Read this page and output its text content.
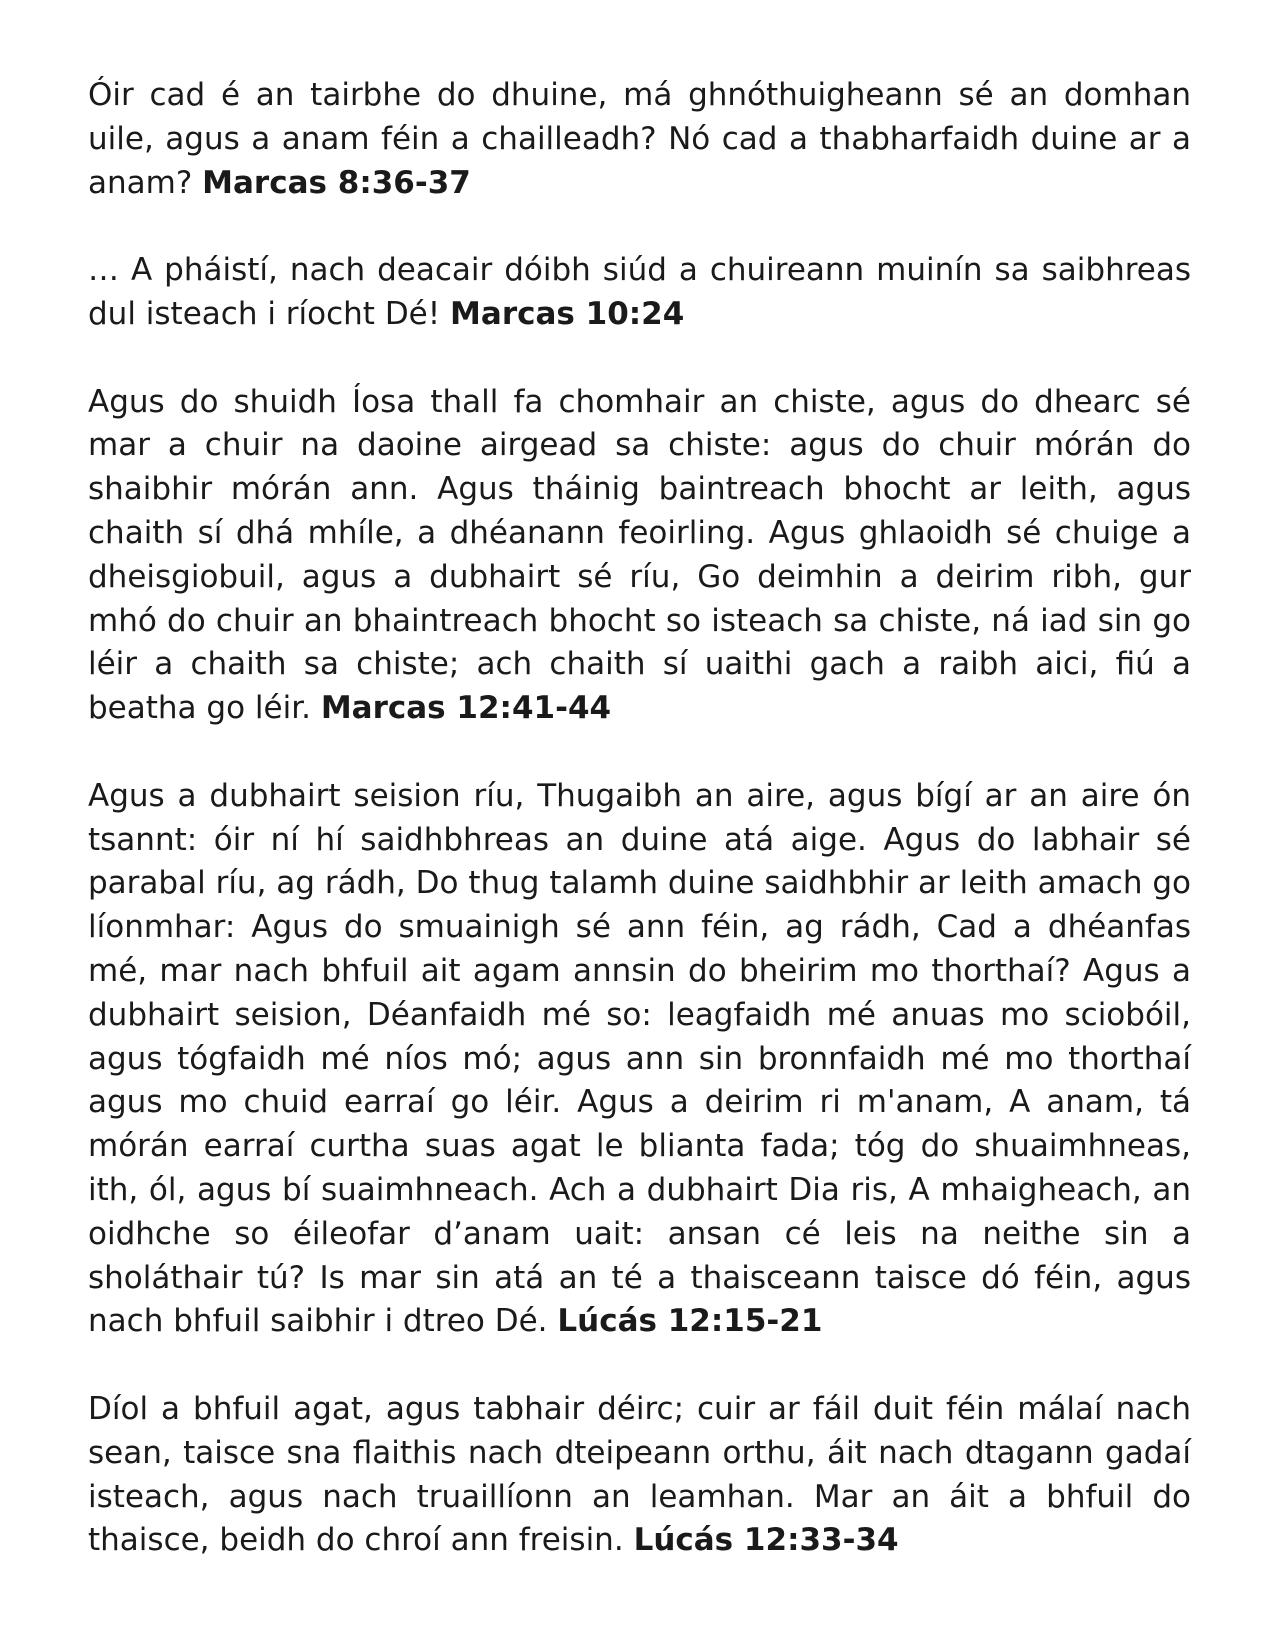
Óir cad é an tairbhe do dhuine, má ghnóthuigheann sé an domhan uile, agus a anam féin a chailleadh? Nó cad a thabharfaidh duine ar a anam? Marcas 8:36-37

… A pháistí, nach deacair dóibh siúd a chuireann muinín sa saibhreas dul isteach i ríocht Dé! Marcas 10:24

Agus do shuidh Íosa thall fa chomhair an chiste, agus do dhearc sé mar a chuir na daoine airgead sa chiste: agus do chuir mórán do shaibhir mórán ann. Agus tháinig baintreach bhocht ar leith, agus chaith sí dhá mhíle, a dhéanann feoirling. Agus ghlaoidh sé chuige a dheisgiobuil, agus a dubhairt sé ríu, Go deimhin a deirim ribh, gur mhó do chuir an bhaintreach bhocht so isteach sa chiste, ná iad sin go léir a chaith sa chiste; ach chaith sí uaithi gach a raibh aici, fiú a beatha go léir. Marcas 12:41-44

Agus a dubhairt seision ríu, Thugaibh an aire, agus bígí ar an aire ón tsannt: óir ní hí saidhbhreas an duine atá aige. Agus do labhair sé parabal ríu, ag rádh, Do thug talamh duine saidhbhir ar leith amach go líonmhar: Agus do smuainigh sé ann féin, ag rádh, Cad a dhéanfas mé, mar nach bhfuil ait agam annsin do bheirim mo thorthaí? Agus a dubhairt seision, Déanfaidh mé so: leagfaidh mé anuas mo sciobóil, agus tógfaidh mé níos mó; agus ann sin bronnfaidh mé mo thorthaí agus mo chuid earraí go léir. Agus a deirim ri m'anam, A anam, tá mórán earraí curtha suas agat le blianta fada; tóg do shuaimhneas, ith, ól, agus bí suaimhneach. Ach a dubhairt Dia ris, A mhaigheach, an oidhche so éileofar d’anam uait: ansan cé leis na neithe sin a sholáthair tú? Is mar sin atá an té a thaisceann taisce dó féin, agus nach bhfuil saibhir i dtreo Dé. Lúcás 12:15-21

Díol a bhfuil agat, agus tabhair déirc; cuir ar fáil duit féin málaí nach sean, taisce sna flaithis nach dteipeann orthu, áit nach dtagann gadaí isteach, agus nach truaillíonn an leamhan. Mar an áit a bhfuil do thaisce, beidh do chroí ann freisin. Lúcás 12:33-34
